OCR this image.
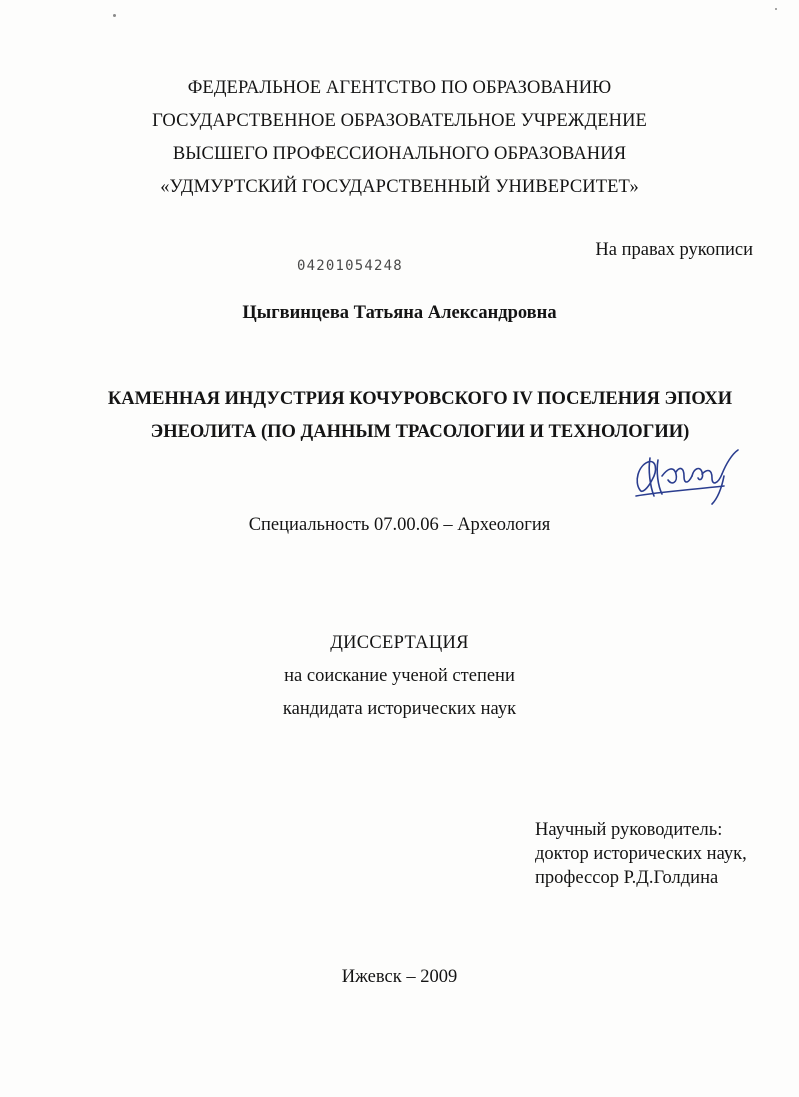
ФЕДЕРАЛЬНОЕ АГЕНТСТВО ПО ОБРАЗОВАНИЮ
ГОСУДАРСТВЕННОЕ ОБРАЗОВАТЕЛЬНОЕ УЧРЕЖДЕНИЕ
ВЫСШЕГО ПРОФЕССИОНАЛЬНОГО ОБРАЗОВАНИЯ
«УДМУРТСКИЙ ГОСУДАРСТВЕННЫЙ УНИВЕРСИТЕТ»
На правах рукописи
04201054248
Цыгвинцева Татьяна Александровна
КАМЕННАЯ ИНДУСТРИЯ КОЧУРОВСКОГО IV ПОСЕЛЕНИЯ ЭПОХИ
ЭНЕОЛИТА (ПО ДАННЫМ ТРАСОЛОГИИ И ТЕХНОЛОГИИ)
Специальность 07.00.06 – Археология
ДИССЕРТАЦИЯ
на соискание ученой степени
кандидата исторических наук
Научный руководитель:
доктор исторических наук,
профессор Р.Д.Голдина
Ижевск – 2009
